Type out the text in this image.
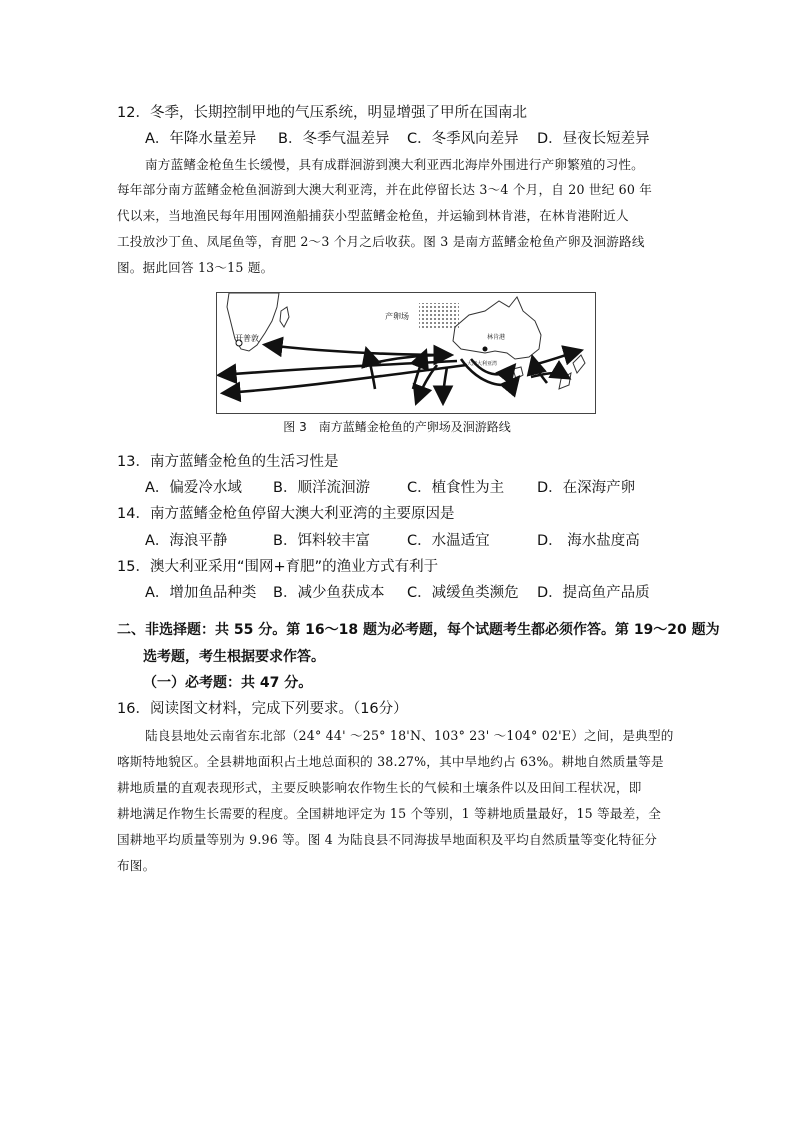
12．冬季，长期控制甲地的气压系统，明显增强了甲所在国南北
A．年降水量差异 B．冬季气温差异 C．冬季风向差异 D．昼夜长短差异
南方蓝鳍金枪鱼生长缓慢，具有成群洄游到澳大利亚西北海岸外围进行产卵繁殖的习性。
每年部分南方蓝鳍金枪鱼洄游到大澳大利亚湾，并在此停留长达 3～4 个月，自 20 世纪 60 年
代以来，当地渔民每年用围网渔船捕获小型蓝鳍金枪鱼，并运输到林肯港，在林肯港附近人
工投放沙丁鱼、凤尾鱼等，育肥 2～3 个月之后收获。图 3 是南方蓝鳍金枪鱼产卵及洄游路线
图。据此回答 13～15 题。
开普敦
产卵场
林肯港
大澳大利亚湾
图 3　南方蓝鳍金枪鱼的产卵场及洄游路线
13．南方蓝鳍金枪鱼的生活习性是
A．偏爱冷水域 B．顺洋流洄游	C．植食性为主 D．在深海产卵
14．南方蓝鳍金枪鱼停留大澳大利亚湾的主要原因是
A．海浪平静	B．饵料较丰富	C．水温适宜	D． 海水盐度高
15．澳大利亚采用“围网+育肥”的渔业方式有利于
A．增加鱼品种类 B．减少鱼获成本 C．减缓鱼类濒危 D．提高鱼产品质
二、非选择题：共 55 分。第 16～18 题为必考题，每个试题考生都必须作答。第 19～20 题为
选考题，考生根据要求作答。
（一）必考题：共 47 分。
16．阅读图文材料，完成下列要求。（16分）
陆良县地处云南省东北部（24° 44' ～25° 18'N、103° 23' ～104° 02'E）之间，是典型的
喀斯特地貌区。全县耕地面积占土地总面积的 38.27%，其中旱地约占 63%。耕地自然质量等是
耕地质量的直观表现形式，主要反映影响农作物生长的气候和土壤条件以及田间工程状况，即
耕地满足作物生长需要的程度。全国耕地评定为 15 个等别，1 等耕地质量最好，15 等最差，全
国耕地平均质量等别为 9.96 等。图 4 为陆良县不同海拔旱地面积及平均自然质量等变化特征分
布图。
